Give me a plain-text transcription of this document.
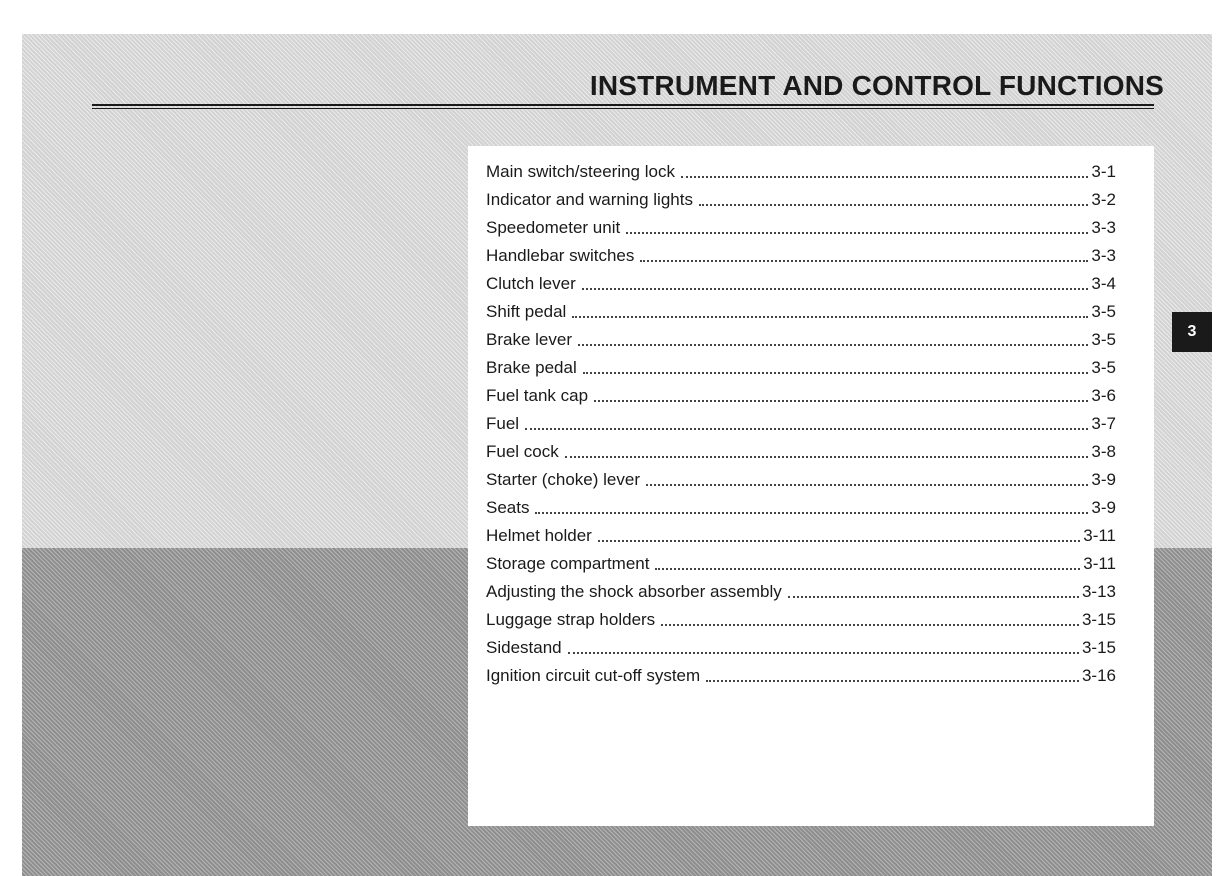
INSTRUMENT AND CONTROL FUNCTIONS
Main switch/steering lock	3-1
Indicator and warning lights	3-2
Speedometer unit	3-3
Handlebar switches	3-3
Clutch lever	3-4
Shift pedal	3-5
Brake lever	3-5
Brake pedal	3-5
Fuel tank cap	3-6
Fuel	3-7
Fuel cock	3-8
Starter (choke) lever	3-9
Seats	3-9
Helmet holder	3-11
Storage compartment	3-11
Adjusting the shock absorber assembly	3-13
Luggage strap holders	3-15
Sidestand	3-15
Ignition circuit cut-off system	3-16
3
